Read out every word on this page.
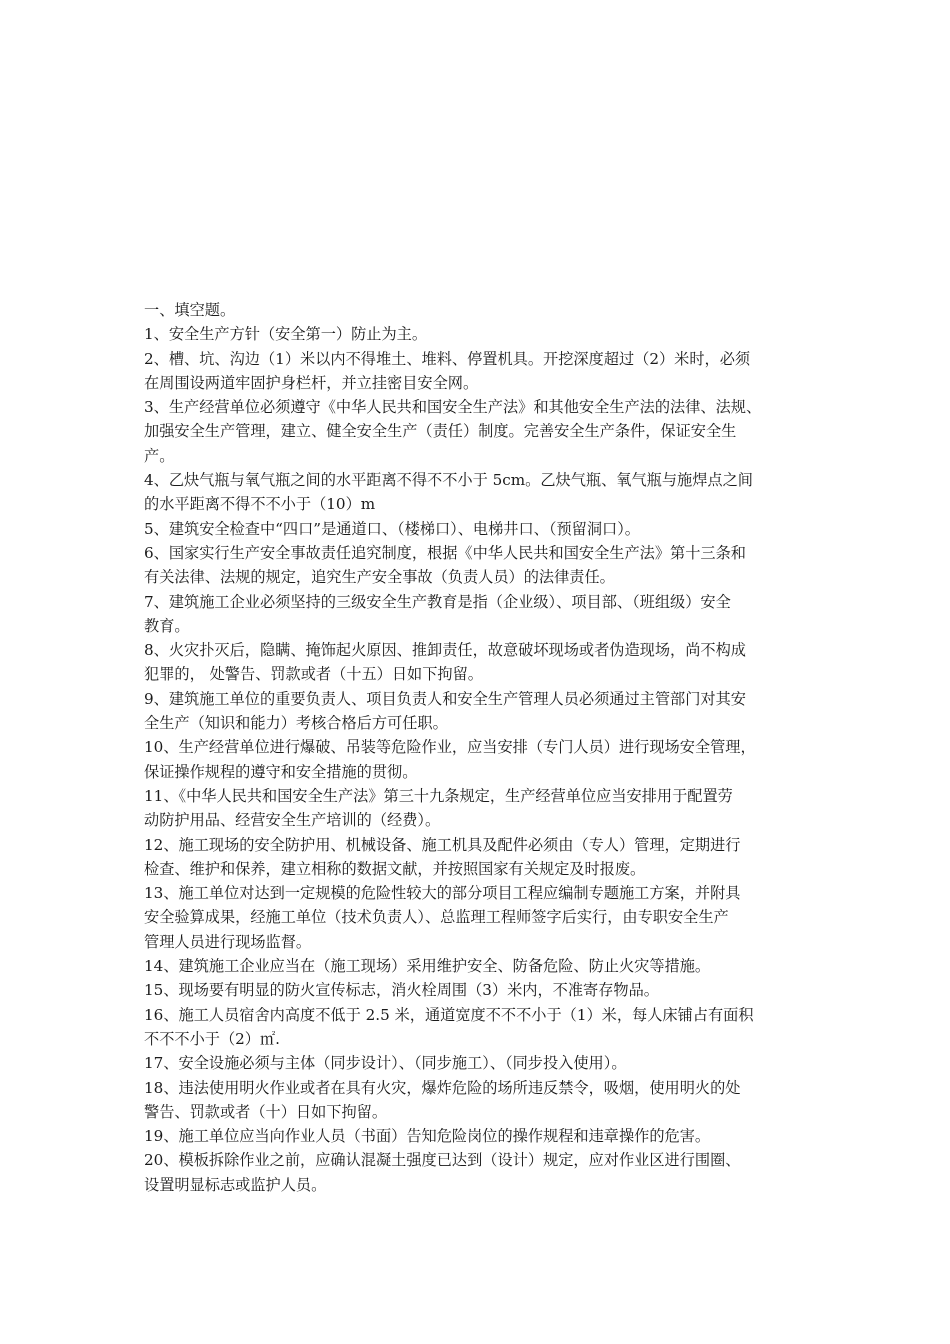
一、填空题。
1、安全生产方针（安全第一）防止为主。
2、槽、坑、沟边（1）米以内不得堆土、堆料、停置机具。开挖深度超过（2）米时，必须
在周围设两道牢固护身栏杆，并立挂密目安全网。
3、生产经营单位必须遵守《中华人民共和国安全生产法》和其他安全生产法的法律、法规、
加强安全生产管理，建立、健全安全生产（责任）制度。完善安全生产条件，保证安全生
产。
4、乙炔气瓶与氧气瓶之间的水平距离不得不不小于 5cm。乙炔气瓶、氧气瓶与施焊点之间
的水平距离不得不不小于（10）m
5、建筑安全检查中“四口”是通道口、（楼梯口）、电梯井口、（预留洞口）。
6、国家实行生产安全事故责任追究制度，根据《中华人民共和国安全生产法》第十三条和
有关法律、法规的规定，追究生产安全事故（负责人员）的法律责任。
7、建筑施工企业必须坚持的三级安全生产教育是指（企业级）、项目部、（班组级）安全
教育。
8、火灾扑灭后，隐瞒、掩饰起火原因、推卸责任，故意破坏现场或者伪造现场，尚不构成
犯罪的， 处警告、罚款或者（十五）日如下拘留。
9、建筑施工单位的重要负责人、项目负责人和安全生产管理人员必须通过主管部门对其安
全生产（知识和能力）考核合格后方可任职。
10、生产经营单位进行爆破、吊装等危险作业，应当安排（专门人员）进行现场安全管理，
保证操作规程的遵守和安全措施的贯彻。
11、《中华人民共和国安全生产法》第三十九条规定，生产经营单位应当安排用于配置劳
动防护用品、经营安全生产培训的（经费）。
12、施工现场的安全防护用、机械设备、施工机具及配件必须由（专人）管理，定期进行
检查、维护和保养，建立相称的数据文献，并按照国家有关规定及时报废。
13、施工单位对达到一定规模的危险性较大的部分项目工程应编制专题施工方案，并附具
安全验算成果，经施工单位（技术负责人）、总监理工程师签字后实行，由专职安全生产
管理人员进行现场监督。
14、建筑施工企业应当在（施工现场）采用维护安全、防备危险、防止火灾等措施。
15、现场要有明显的防火宣传标志，消火栓周围（3）米内，不准寄存物品。
16、施工人员宿舍内高度不低于 2.5 米，通道宽度不不不小于（1）米，每人床铺占有面积
不不不小于（2）㎡.
17、安全设施必须与主体（同步设计）、（同步施工）、（同步投入使用）。
18、违法使用明火作业或者在具有火灾，爆炸危险的场所违反禁令，吸烟，使用明火的处
警告、罚款或者（十）日如下拘留。
19、施工单位应当向作业人员（书面）告知危险岗位的操作规程和违章操作的危害。
20、模板拆除作业之前，应确认混凝土强度已达到（设计）规定，应对作业区进行围圈、
设置明显标志或监护人员。
